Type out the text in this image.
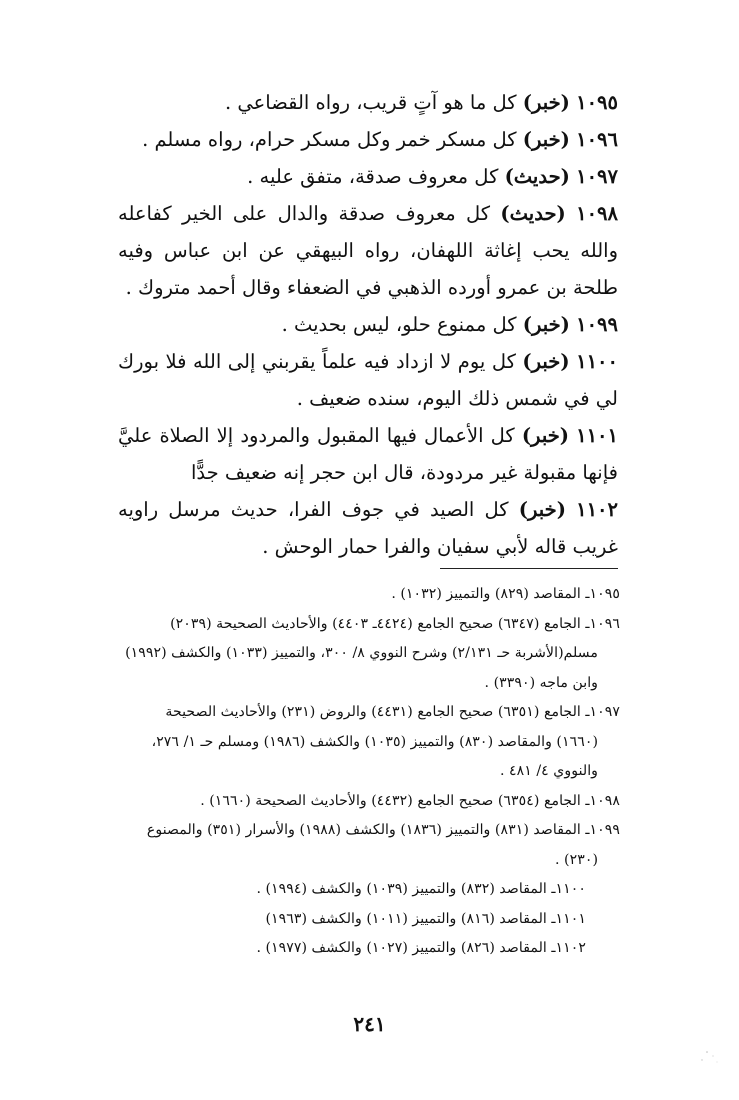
١٠٩٥ (خبر) كل ما هو آتٍ قريب، رواه القضاعي .

١٠٩٦ (خبر) كل مسكر خمر وكل مسكر حرام، رواه مسلم .

١٠٩٧ (حديث) كل معروف صدقة، متفق عليه .

١٠٩٨ (حديث) كل معروف صدقة والدال على الخير كفاعله والله يحب إغاثة اللهفان، رواه البيهقي عن ابن عباس وفيه طلحة بن عمرو أورده الذهبي في الضعفاء وقال أحمد متروك .

١٠٩٩ (خبر) كل ممنوع حلو، ليس بحديث .

١١٠٠ (خبر) كل يوم لا ازداد فيه علماً يقربني إلى الله فلا بورك لي في شمس ذلك اليوم، سنده ضعيف .

١١٠١ (خبر) كل الأعمال فيها المقبول والمردود إلا الصلاة عليَّ فإنها مقبولة غير مردودة، قال ابن حجر إنه ضعيف جدًّا

١١٠٢ (خبر) كل الصيد في جوف الفرا، حديث مرسل راويه غريب قاله لأبي سفيان والفرا حمار الوحش .

١٠٩٥ـ المقاصد (٨٢٩) والتمييز (١٠٣٢) .

١٠٩٦ـ الجامع (٦٣٤٧) صحيح الجامع (٤٤٢٤ـ ٤٤٠٣) والأحاديث الصحيحة (٢٠٣٩)
مسلم(الأشربة حـ ٢/١٣١) وشرح النووي ٨/ ٣٠٠، والتمييز (١٠٣٣) والكشف (١٩٩٢) وابن ماجه (٣٣٩٠) .

١٠٩٧ـ الجامع (٦٣٥١) صحيح الجامع (٤٤٣١) والروض (٢٣١) والأحاديث الصحيحة
(١٦٦٠) والمقاصد (٨٣٠) والتمييز (١٠٣٥) والكشف (١٩٨٦) ومسلم حـ ١/ ٢٧٦، والنووي ٤/ ٤٨١ .

١٠٩٨ـ الجامع (٦٣٥٤) صحيح الجامع (٤٤٣٢) والأحاديث الصحيحة (١٦٦٠) .

١٠٩٩ـ المقاصد (٨٣١) والتمييز (١٨٣٦) والكشف (١٩٨٨) والأسرار (٣٥١) والمصنوع
(٢٣٠) .

١١٠٠ـ المقاصد (٨٣٢) والتمييز (١٠٣٩) والكشف (١٩٩٤) .

١١٠١ـ المقاصد (٨١٦) والتمييز (١٠١١) والكشف (١٩٦٣)

١١٠٢ـ المقاصد (٨٢٦) والتمييز (١٠٢٧) والكشف (١٩٧٧) .

٢٤١
